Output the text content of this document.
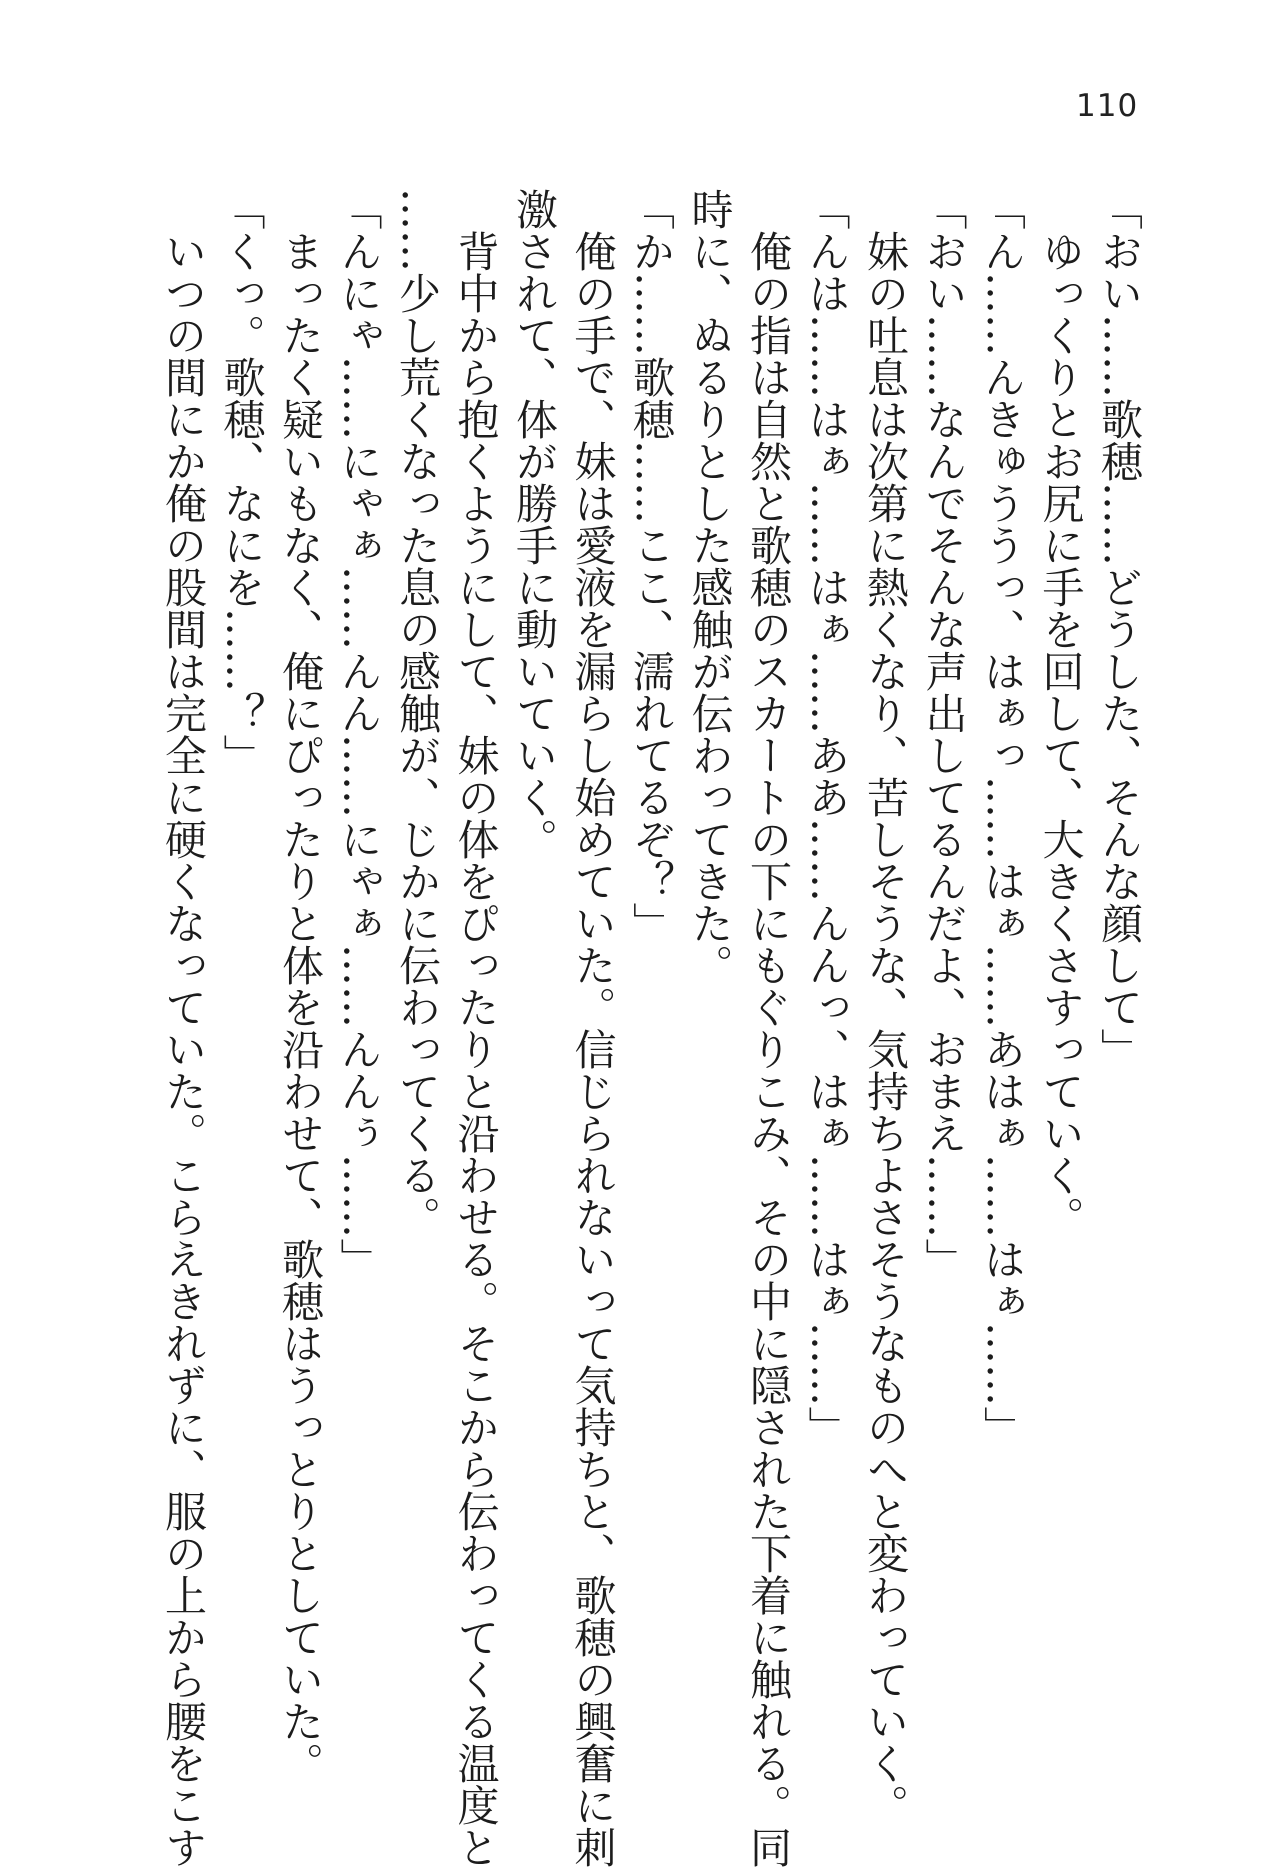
110
「おい……歌穂……どうした、そんな顔して」
　ゆっくりとお尻に手を回して、大きくさすっていく。
「ん……んきゅううっ、はぁっ……はぁ……あはぁ……はぁ……」
「おい……なんでそんな声出してるんだよ、おまえ……」
　妹の吐息は次第に熱くなり、苦しそうな、気持ちよさそうなものへと変わっていく。
「んは……はぁ……はぁ……ああ……んんっ、はぁ……はぁ……」
　俺の指は自然と歌穂のスカートの下にもぐりこみ、その中に隠された下着に触れる。同
時に、ぬるりとした感触が伝わってきた。
「か……歌穂……ここ、濡れてるぞ？」
　俺の手で、妹は愛液を漏らし始めていた。信じられないって気持ちと、歌穂の興奮に刺
激されて、体が勝手に動いていく。
　背中から抱くようにして、妹の体をぴったりと沿わせる。そこから伝わってくる温度と
……少し荒くなった息の感触が、じかに伝わってくる。
「んにゃ……にゃぁ……んん……にゃぁ……んんぅ……」
　まったく疑いもなく、俺にぴったりと体を沿わせて、歌穂はうっとりとしていた。
「くっ。歌穂、なにを……？」
　いつの間にか俺の股間は完全に硬くなっていた。こらえきれずに、服の上から腰をこす
